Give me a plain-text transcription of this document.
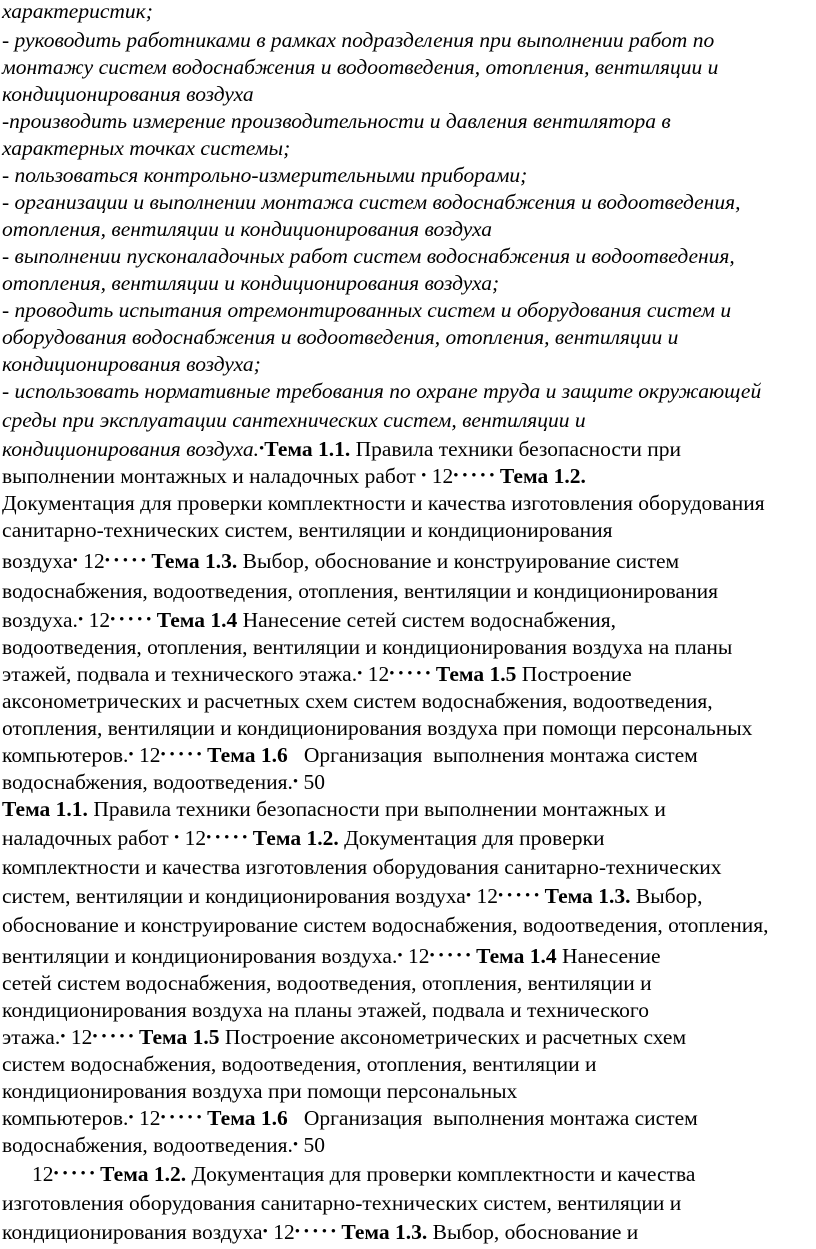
характеристик;
- руководить работниками в рамках подразделения при выполнении работ по
монтажу систем водоснабжения и водоотведения, отопления, вентиляции и
кондиционирования воздуха
-производить измерение производительности и давления вентилятора в
характерных точках системы;
- пользоваться контрольно-измерительными приборами;
- организации и выполнении монтажа систем водоснабжения и водоотведения,
отопления, вентиляции и кондиционирования воздуха
- выполнении пусконаладочных работ систем водоснабжения и водоотведения,
отопления, вентиляции и кондиционирования воздуха;
- проводить испытания отремонтированных систем и оборудования систем и
оборудования водоснабжения и водоотведения, отопления, вентиляции и
кондиционирования воздуха;
- использовать нормативные требования по охране труда и защите окружающей
среды при эксплуатации сантехнических систем, вентиляции и
кондиционирования воздуха.•Тема 1.1. Правила техники безопасности при
выполнении монтажных и наладочных работ • 12• • • • • Тема 1.2.
Документация для проверки комплектности и качества изготовления оборудования
санитарно-технических систем, вентиляции и кондиционирования
воздуха• 12• • • • • Тема 1.3. Выбор, обоснование и конструирование систем
водоснабжения, водоотведения, отопления, вентиляции и кондиционирования
воздуха.• 12• • • • • Тема 1.4 Нанесение сетей систем водоснабжения,
водоотведения, отопления, вентиляции и кондиционирования воздуха на планы
этажей, подвала и технического этажа.• 12• • • • • Тема 1.5 Построение
аксонометрических и расчетных схем систем водоснабжения, водоотведения,
отопления, вентиляции и кондиционирования воздуха при помощи персональных
компьютеров.• 12• • • • • Тема 1.6   Организация  выполнения монтажа систем
водоснабжения, водоотведения.• 50
Тема 1.1. Правила техники безопасности при выполнении монтажных и
наладочных работ • 12• • • • • Тема 1.2. Документация для проверки
комплектности и качества изготовления оборудования санитарно-технических
систем, вентиляции и кондиционирования воздуха• 12• • • • • Тема 1.3. Выбор,
обоснование и конструирование систем водоснабжения, водоотведения, отопления,
вентиляции и кондиционирования воздуха.• 12• • • • • Тема 1.4 Нанесение
сетей систем водоснабжения, водоотведения, отопления, вентиляции и
кондиционирования воздуха на планы этажей, подвала и технического
этажа.• 12• • • • • Тема 1.5 Построение аксонометрических и расчетных схем
систем водоснабжения, водоотведения, отопления, вентиляции и
кондиционирования воздуха при помощи персональных
компьютеров.• 12• • • • • Тема 1.6   Организация  выполнения монтажа систем
водоснабжения, водоотведения.• 50
12• • • • • Тема 1.2. Документация для проверки комплектности и качества
изготовления оборудования санитарно-технических систем, вентиляции и
кондиционирования воздуха• 12• • • • • Тема 1.3. Выбор, обоснование и
